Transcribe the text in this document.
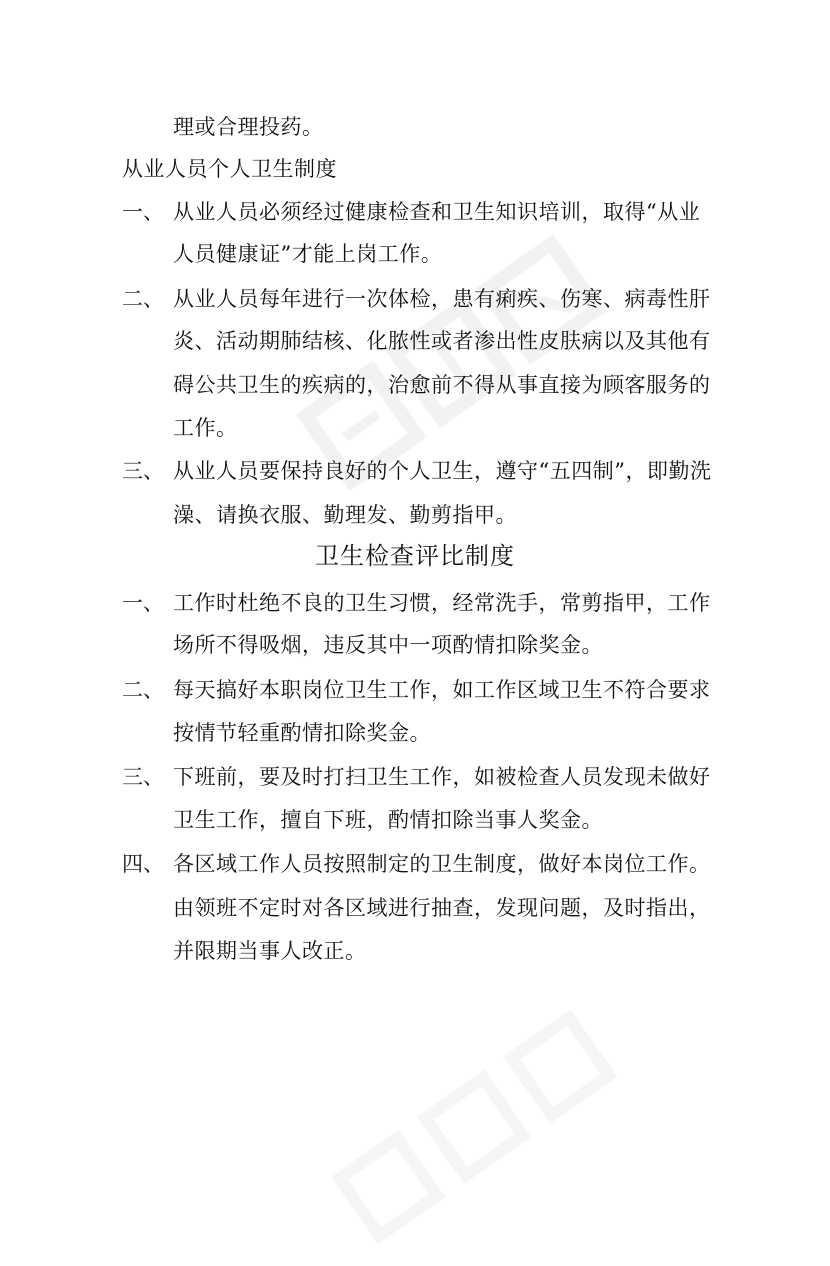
理或合理投药。
从业人员个人卫生制度
一、 从业人员必须经过健康检查和卫生知识培训，取得“从业
人员健康证”才能上岗工作。
二、 从业人员每年进行一次体检，患有痢疾、伤寒、病毒性肝
炎、活动期肺结核、化脓性或者渗出性皮肤病以及其他有
碍公共卫生的疾病的，治愈前不得从事直接为顾客服务的
工作。
三、 从业人员要保持良好的个人卫生，遵守“五四制”，即勤洗
澡、请换衣服、勤理发、勤剪指甲。
卫生检查评比制度
一、 工作时杜绝不良的卫生习惯，经常洗手，常剪指甲，工作
场所不得吸烟，违反其中一项酌情扣除奖金。
二、 每天搞好本职岗位卫生工作，如工作区域卫生不符合要求
按情节轻重酌情扣除奖金。
三、 下班前，要及时打扫卫生工作，如被检查人员发现未做好
卫生工作，擅自下班，酌情扣除当事人奖金。
四、 各区域工作人员按照制定的卫生制度，做好本岗位工作。
由领班不定时对各区域进行抽查，发现问题，及时指出，
并限期当事人改正。
